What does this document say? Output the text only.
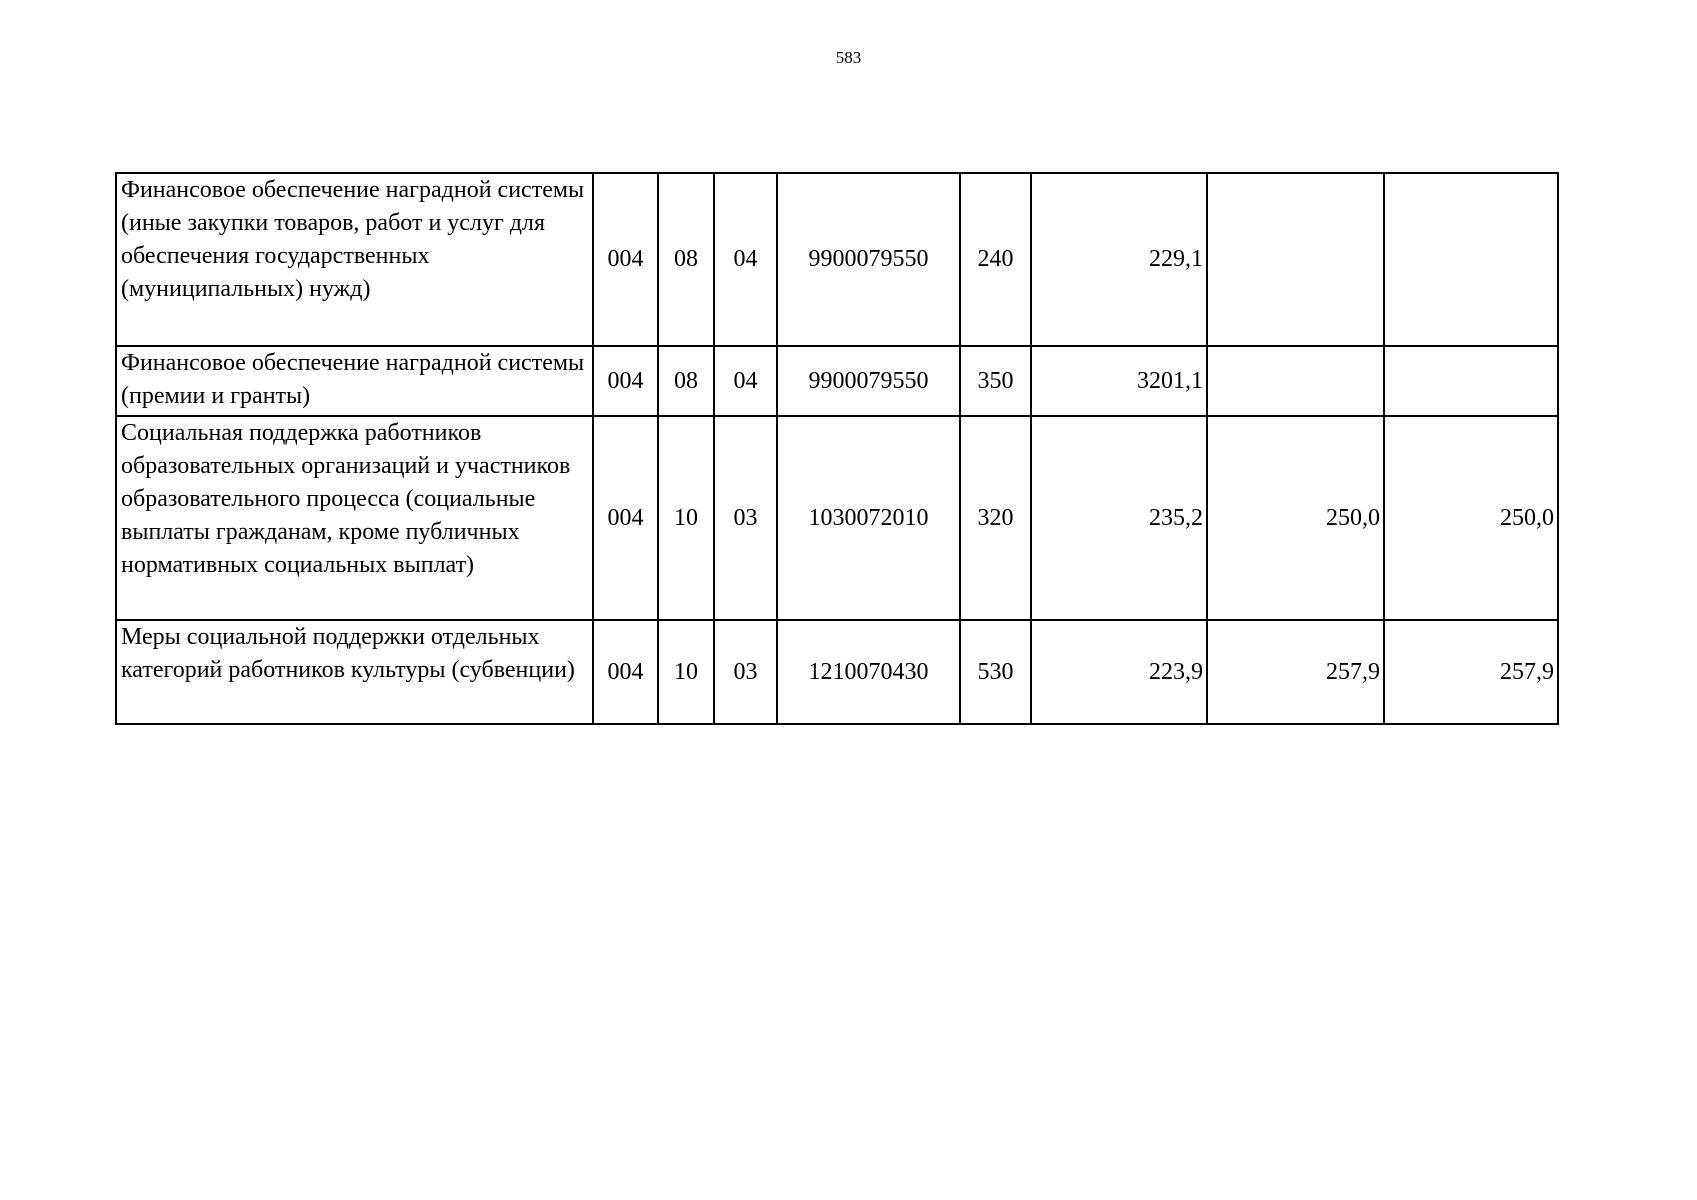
583
Финансовое обеспечение наградной системы (иные закупки товаров, работ и услуг для обеспечения государственных (муниципальных) нужд)	004	08	04	9900079550	240	229,1		
Финансовое обеспечение наградной системы (премии и гранты)	004	08	04	9900079550	350	3201,1		
Социальная поддержка работников образовательных организаций и участников образовательного процесса (социальные выплаты гражданам, кроме публичных нормативных социальных выплат)	004	10	03	1030072010	320	235,2	250,0	250,0
Меры социальной поддержки отдельных категорий работников культуры (субвенции)	004	10	03	1210070430	530	223,9	257,9	257,9
